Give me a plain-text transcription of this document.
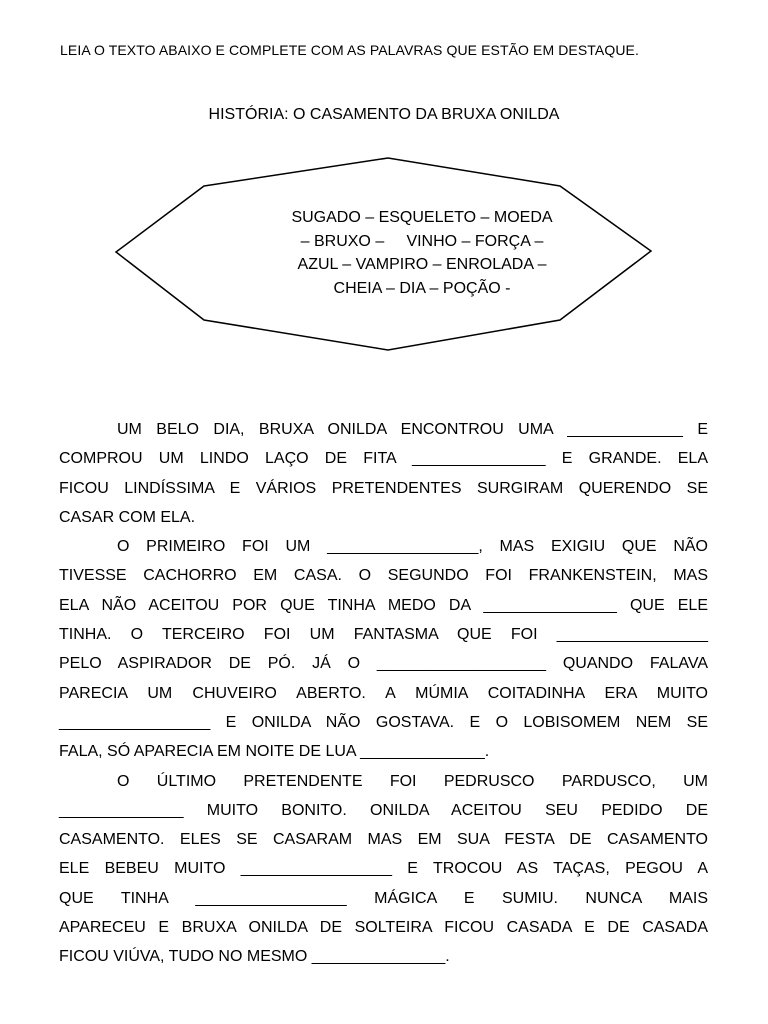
LEIA O TEXTO ABAIXO E COMPLETE COM AS PALAVRAS QUE ESTÃO EM DESTAQUE.
HISTÓRIA: O CASAMENTO DA BRUXA ONILDA
SUGADO – ESQUELETO – MOEDA
– BRUXO –     VINHO – FORÇA –
AZUL – VAMPIRO – ENROLADA –
CHEIA – DIA – POÇÃO -
UM BELO DIA, BRUXA ONILDA ENCONTROU UMA _____________ E
COMPROU UM LINDO LAÇO DE FITA _______________ E GRANDE. ELA
FICOU LINDÍSSIMA E VÁRIOS PRETENDENTES SURGIRAM QUERENDO SE
CASAR COM ELA.
O PRIMEIRO FOI UM _________________, MAS EXIGIU QUE NÃO
TIVESSE CACHORRO EM CASA. O SEGUNDO FOI FRANKENSTEIN, MAS
ELA NÃO ACEITOU POR QUE TINHA MEDO DA _______________ QUE ELE
TINHA. O TERCEIRO FOI UM FANTASMA QUE FOI _________________
PELO ASPIRADOR DE PÓ. JÁ O ___________________ QUANDO FALAVA
PARECIA UM CHUVEIRO ABERTO. A MÚMIA COITADINHA ERA MUITO
_________________ E ONILDA NÃO GOSTAVA. E O LOBISOMEM NEM SE
FALA, SÓ APARECIA EM NOITE DE LUA ______________.
O ÚLTIMO PRETENDENTE FOI PEDRUSCO PARDUSCO, UM
______________ MUITO BONITO. ONILDA ACEITOU SEU PEDIDO DE
CASAMENTO. ELES SE CASARAM MAS EM SUA FESTA DE CASAMENTO
ELE BEBEU MUITO _________________ E TROCOU AS TAÇAS, PEGOU A
QUE TINHA _________________ MÁGICA E SUMIU. NUNCA MAIS
APARECEU E BRUXA ONILDA DE SOLTEIRA FICOU CASADA E DE CASADA
FICOU VIÚVA, TUDO NO MESMO _______________.
